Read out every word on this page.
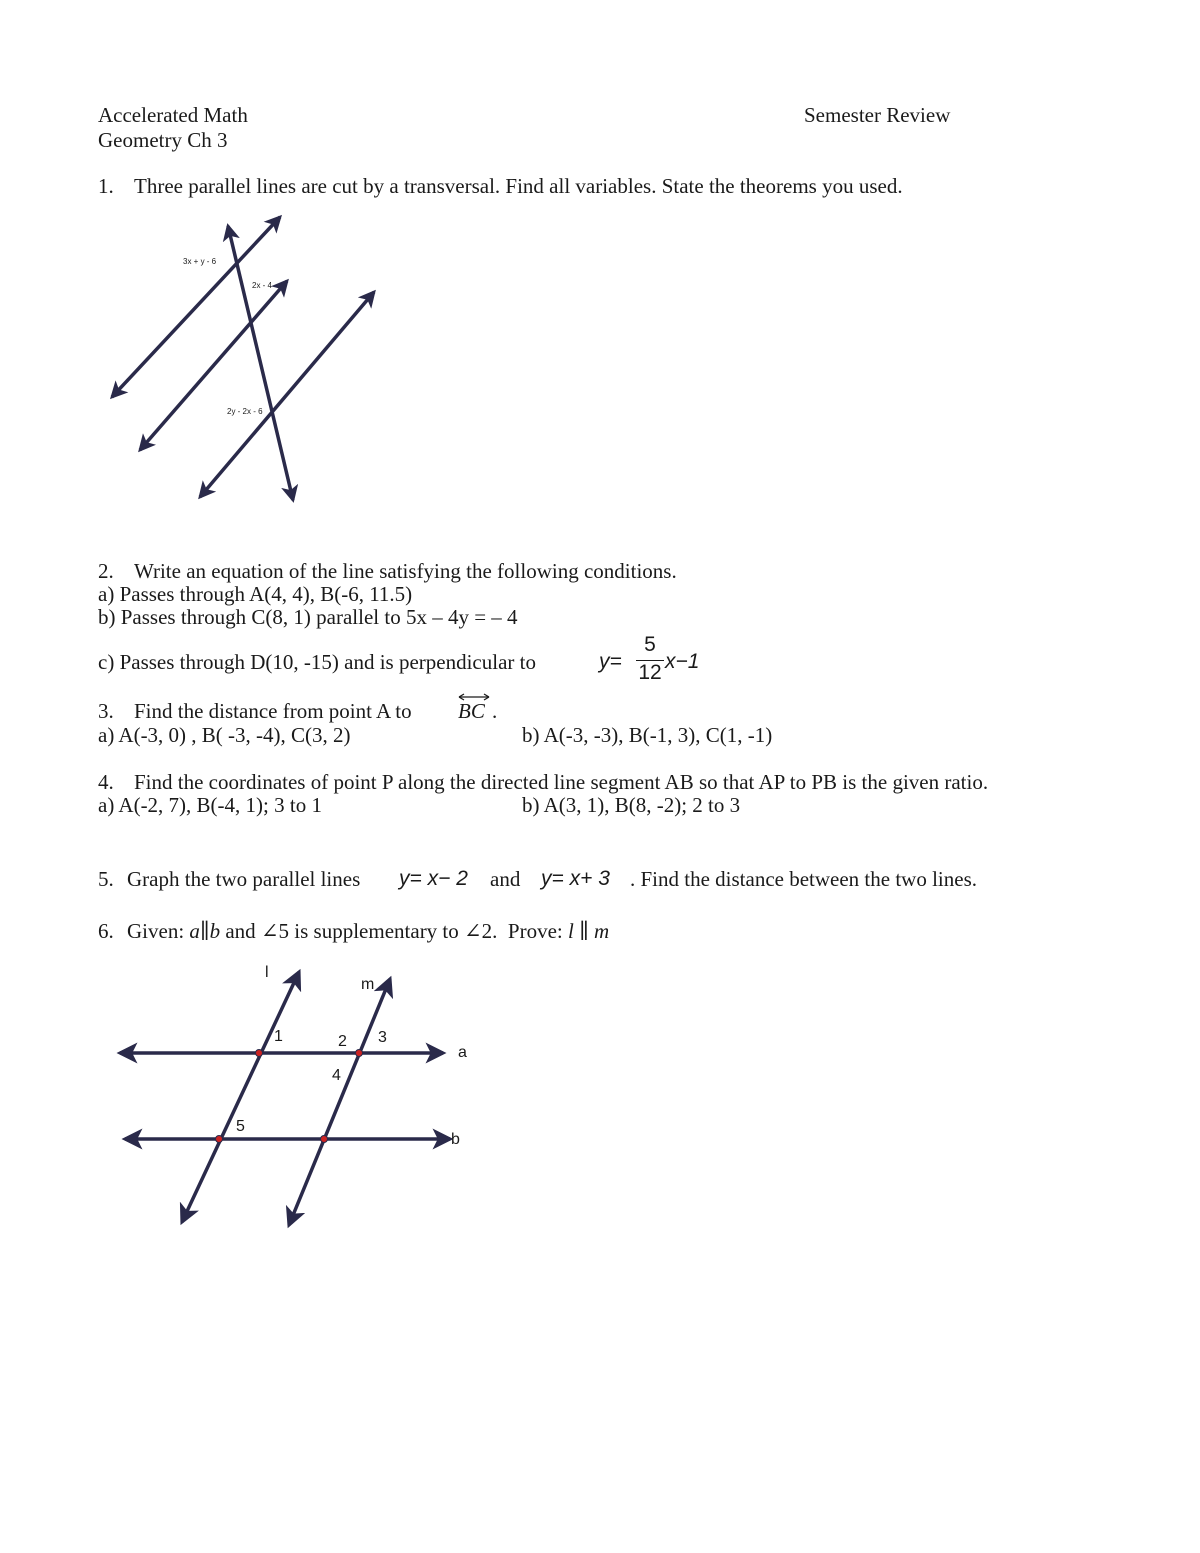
Accelerated Math
Geometry Ch 3
Semester Review
1. Three parallel lines are cut by a transversal. Find all variables. State the theorems you used.
3x + y - 6
2x - 4
2y - 2x - 6
l
m
a
b
1	2 3
4
5
2. Write an equation of the line satisfying the following conditions.
a) Passes through A(4, 4), B(-6, 11.5)
b) Passes through C(8, 1) parallel to 5x – 4y = – 4
c) Passes through D(10, -15) and is perpendicular to	y=
5
12 x−1
3. Find the distance from point A to BC .
a) A(-3, 0) , B( -3, -4), C(3, 2)	b) A(-3, -3), B(-1, 3), C(1, -1)
4. Find the coordinates of point P along the directed line segment AB so that AP to PB is the given ratio.
a) A(-2, 7), B(-4, 1); 3 to 1	b) A(3, 1), B(8, -2); 2 to 3
5. Graph the two parallel lines y= x− 2 and y= x+ 3 . Find the distance between the two lines.
6. Given: a∥b and ∠5 is supplementary to ∠2. Prove: l ∥ m
